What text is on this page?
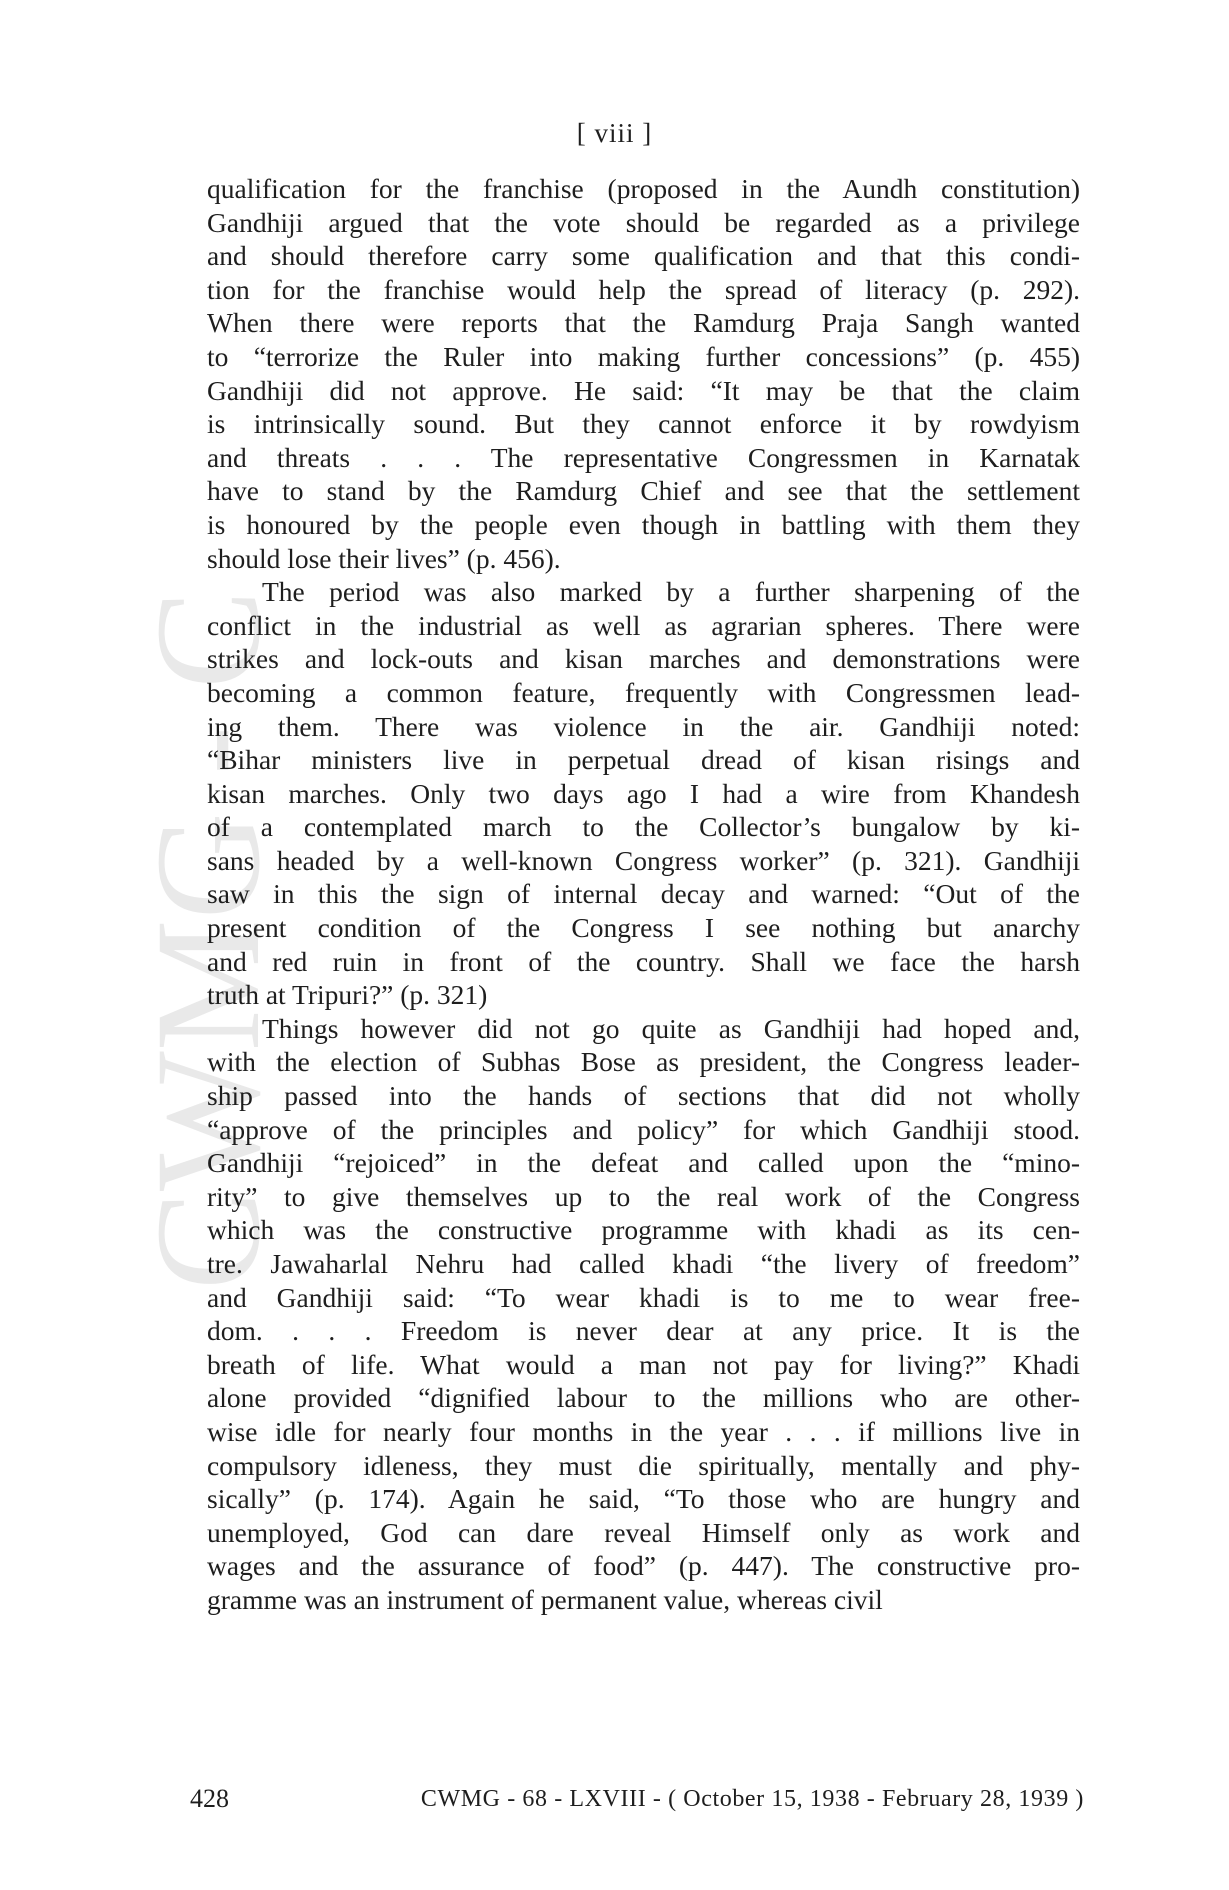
CWMG - C
[ viii ]
qualification for the franchise (proposed in the Aundh constitution)
Gandhiji argued that the vote should be regarded as a privilege
and should therefore carry some qualification and that this condi-
tion for the franchise would help the spread of literacy (p. 292).
When there were reports that the Ramdurg Praja Sangh wanted
to “terrorize the Ruler into making further concessions” (p. 455)
Gandhiji did not approve. He said: “It may be that the claim
is intrinsically sound. But they cannot enforce it by rowdyism
and threats . . . The representative Congressmen in Karnatak
have to stand by the Ramdurg Chief and see that the settlement
is honoured by the people even though in battling with them they
should lose their lives” (p. 456).
The period was also marked by a further sharpening of the
conflict in the industrial as well as agrarian spheres. There were
strikes and lock-outs and kisan marches and demonstrations were
becoming a common feature, frequently with Congressmen lead-
ing them. There was violence in the air. Gandhiji noted:
“Bihar ministers live in perpetual dread of kisan risings and
kisan marches. Only two days ago I had a wire from Khandesh
of a contemplated march to the Collector’s bungalow by ki-
sans headed by a well-known Congress worker” (p. 321). Gandhiji
saw in this the sign of internal decay and warned: “Out of the
present condition of the Congress I see nothing but anarchy
and red ruin in front of the country. Shall we face the harsh
truth at Tripuri?” (p. 321)
Things however did not go quite as Gandhiji had hoped and,
with the election of Subhas Bose as president, the Congress leader-
ship passed into the hands of sections that did not wholly
“approve of the principles and policy” for which Gandhiji stood.
Gandhiji “rejoiced” in the defeat and called upon the “mino-
rity” to give themselves up to the real work of the Congress
which was the constructive programme with khadi as its cen-
tre. Jawaharlal Nehru had called khadi “the livery of freedom”
and Gandhiji said: “To wear khadi is to me to wear free-
dom. . . . Freedom is never dear at any price. It is the
breath of life. What would a man not pay for living?” Khadi
alone provided “dignified labour to the millions who are other-
wise idle for nearly four months in the year . . . if millions live in
compulsory idleness, they must die spiritually, mentally and phy-
sically” (p. 174). Again he said, “To those who are hungry and
unemployed, God can dare reveal Himself only as work and
wages and the assurance of food” (p. 447). The constructive pro-
gramme was an instrument of permanent value, whereas civil
428	CWMG - 68 - LXVIII - ( October 15, 1938 - February 28, 1939 )
